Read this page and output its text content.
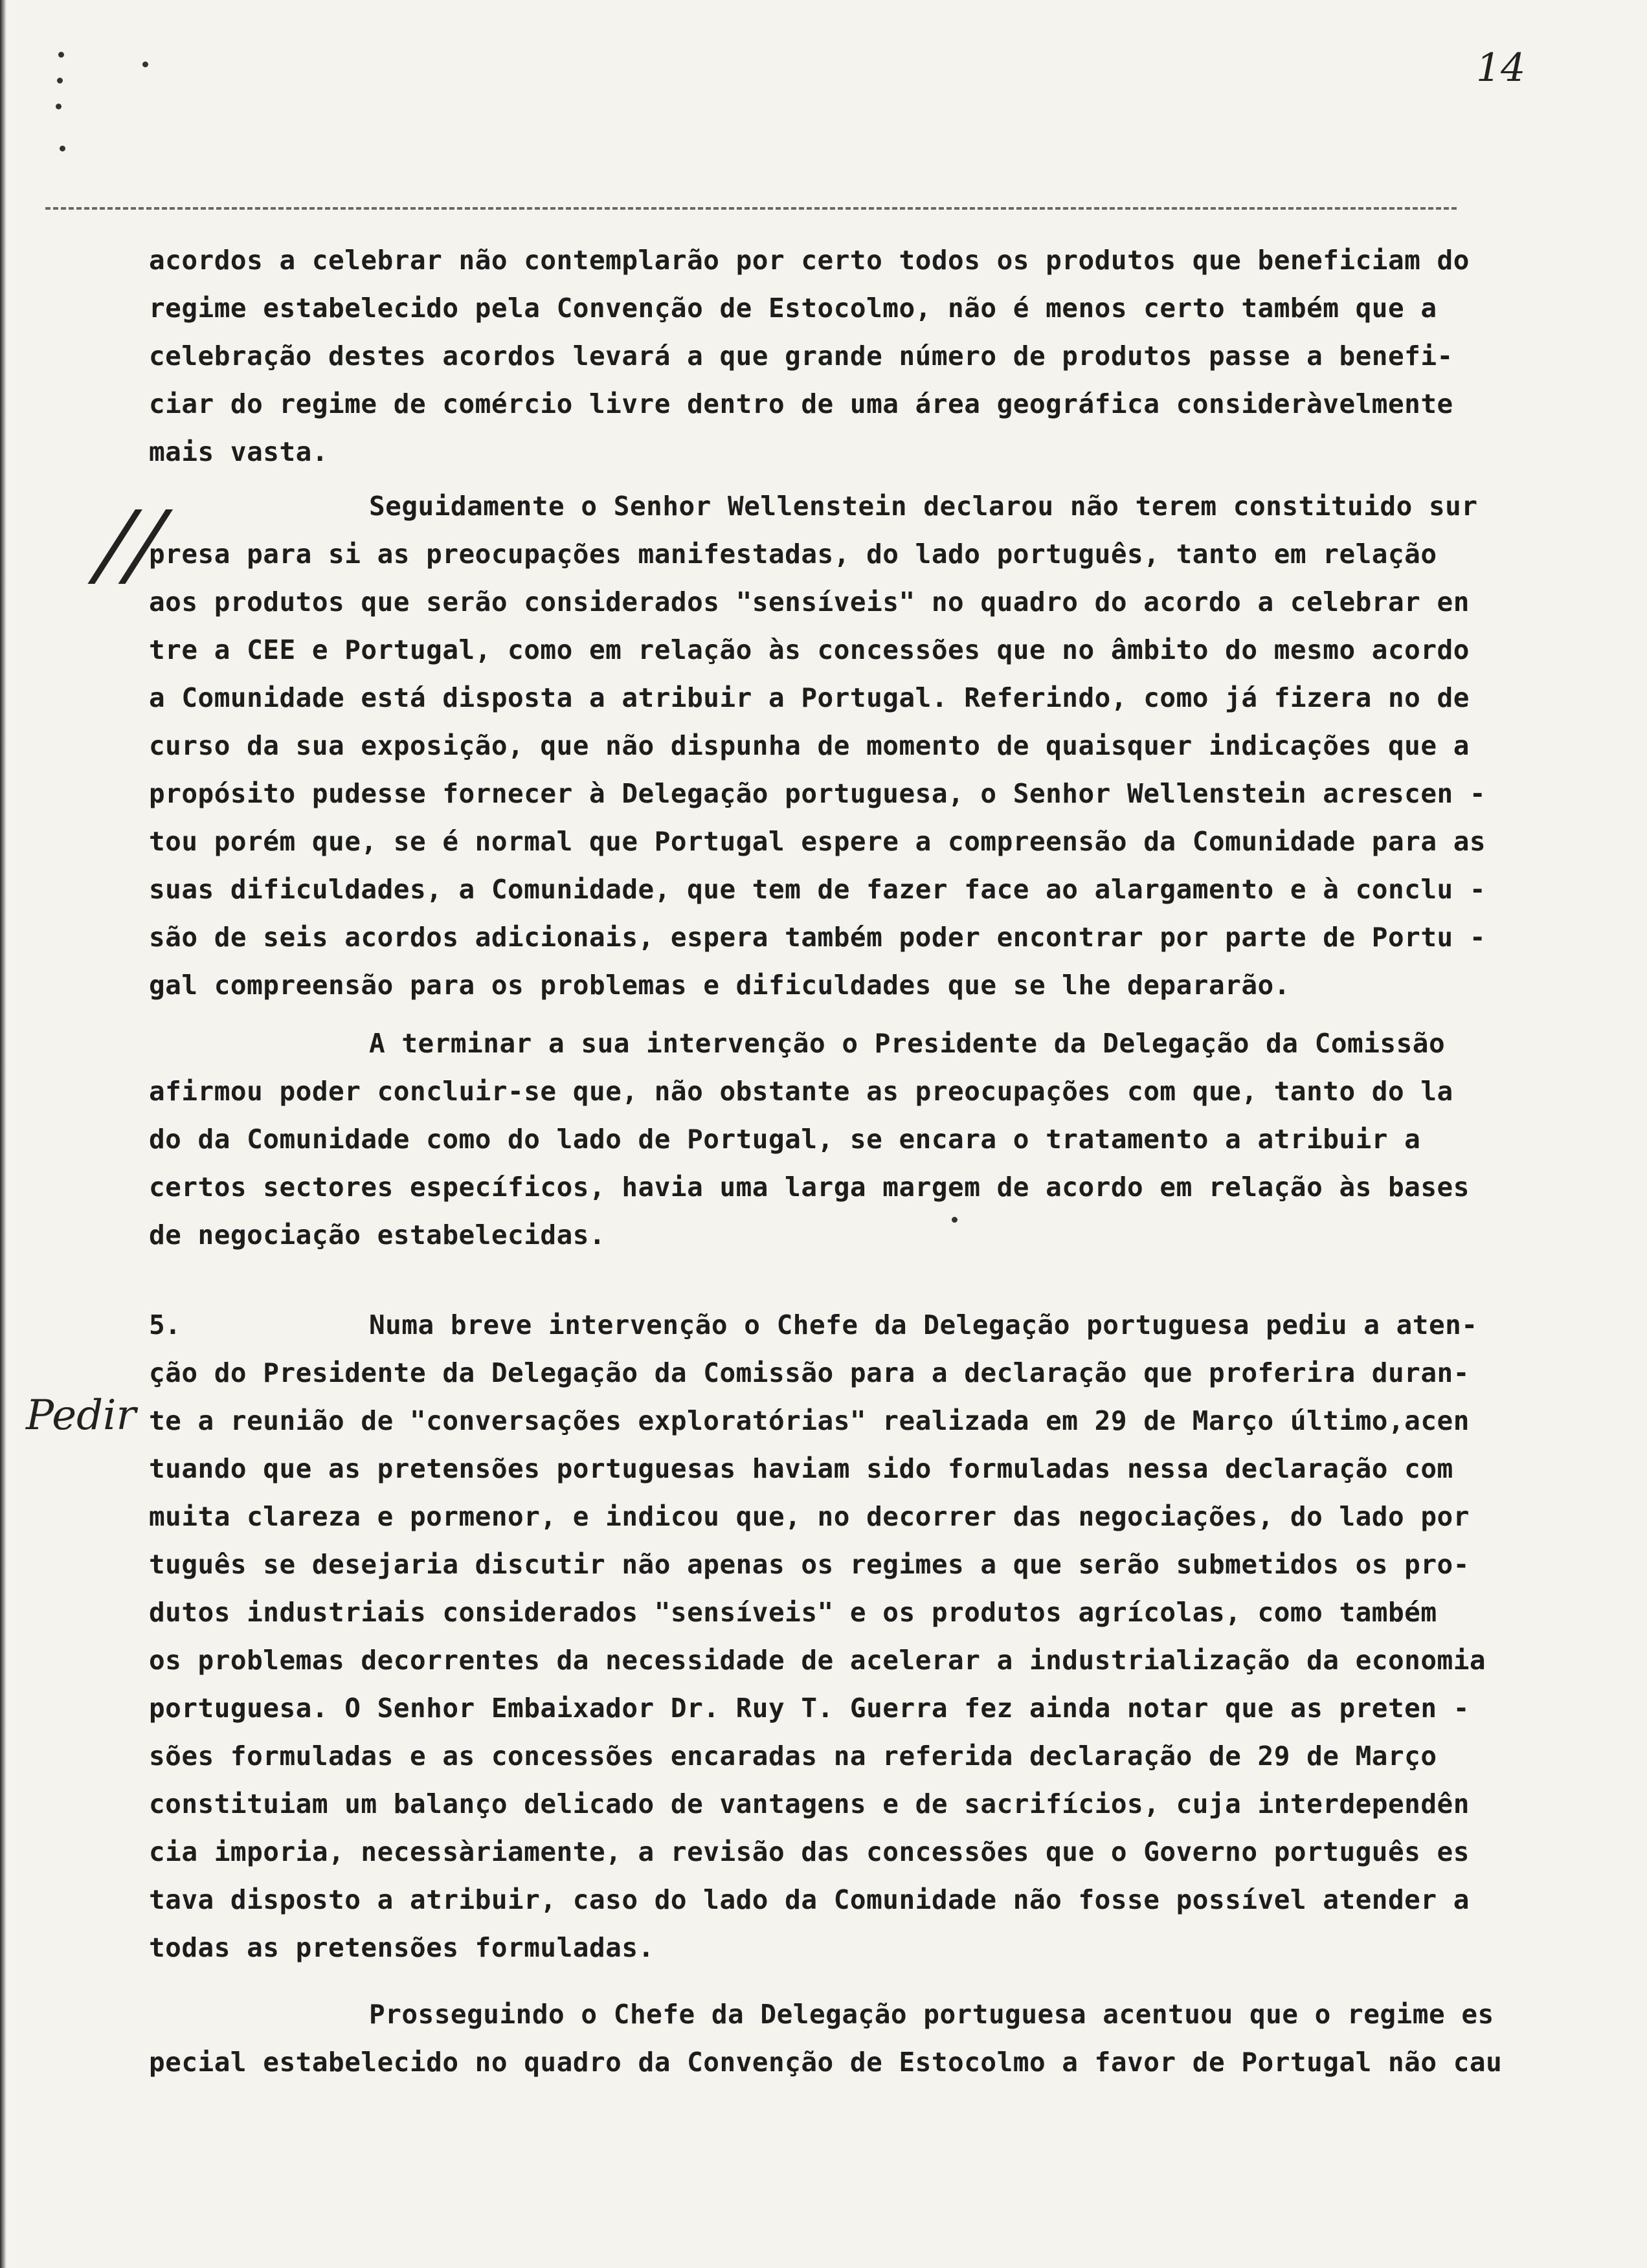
14
//
Pedir
acordos a celebrar não contemplarão por certo todos os produtos que beneficiam do
regime estabelecido pela Convenção de Estocolmo, não é menos certo também que a
celebração destes acordos levará a que grande número de produtos passe a benefi-
ciar do regime de comércio livre dentro de uma área geográfica consideràvelmente
mais vasta.
Seguidamente o Senhor Wellenstein declarou não terem constituido sur
presa para si as preocupações manifestadas, do lado português, tanto em relação
aos produtos que serão considerados "sensíveis" no quadro do acordo a celebrar en
tre a CEE e Portugal, como em relação às concessões que no âmbito do mesmo acordo
a Comunidade está disposta a atribuir a Portugal. Referindo, como já fizera no de
curso da sua exposição, que não dispunha de momento de quaisquer indicações que a
propósito pudesse fornecer à Delegação portuguesa, o Senhor Wellenstein acrescen -
tou porém que, se é normal que Portugal espere a compreensão da Comunidade para as
suas dificuldades, a Comunidade, que tem de fazer face ao alargamento e à conclu -
são de seis acordos adicionais, espera também poder encontrar por parte de Portu -
gal compreensão para os problemas e dificuldades que se lhe depararão.
A terminar a sua intervenção o Presidente da Delegação da Comissão
afirmou poder concluir-se que, não obstante as preocupações com que, tanto do la
do da Comunidade como do lado de Portugal, se encara o tratamento a atribuir a
certos sectores específicos, havia uma larga margem de acordo em relação às bases
de negociação estabelecidas.
5.	Numa breve intervenção o Chefe da Delegação portuguesa pediu a aten-
ção do Presidente da Delegação da Comissão para a declaração que proferira duran-
te a reunião de "conversações exploratórias" realizada em 29 de Março último,acen
tuando que as pretensões portuguesas haviam sido formuladas nessa declaração com
muita clareza e pormenor, e indicou que, no decorrer das negociações, do lado por
tuguês se desejaria discutir não apenas os regimes a que serão submetidos os pro-
dutos industriais considerados "sensíveis" e os produtos agrícolas, como também
os problemas decorrentes da necessidade de acelerar a industrialização da economia
portuguesa. O Senhor Embaixador Dr. Ruy T. Guerra fez ainda notar que as preten -
sões formuladas e as concessões encaradas na referida declaração de 29 de Março
constituiam um balanço delicado de vantagens e de sacrifícios, cuja interdependên
cia imporia, necessàriamente, a revisão das concessões que o Governo português es
tava disposto a atribuir, caso do lado da Comunidade não fosse possível atender a
todas as pretensões formuladas.
Prosseguindo o Chefe da Delegação portuguesa acentuou que o regime es
pecial estabelecido no quadro da Convenção de Estocolmo a favor de Portugal não cau
